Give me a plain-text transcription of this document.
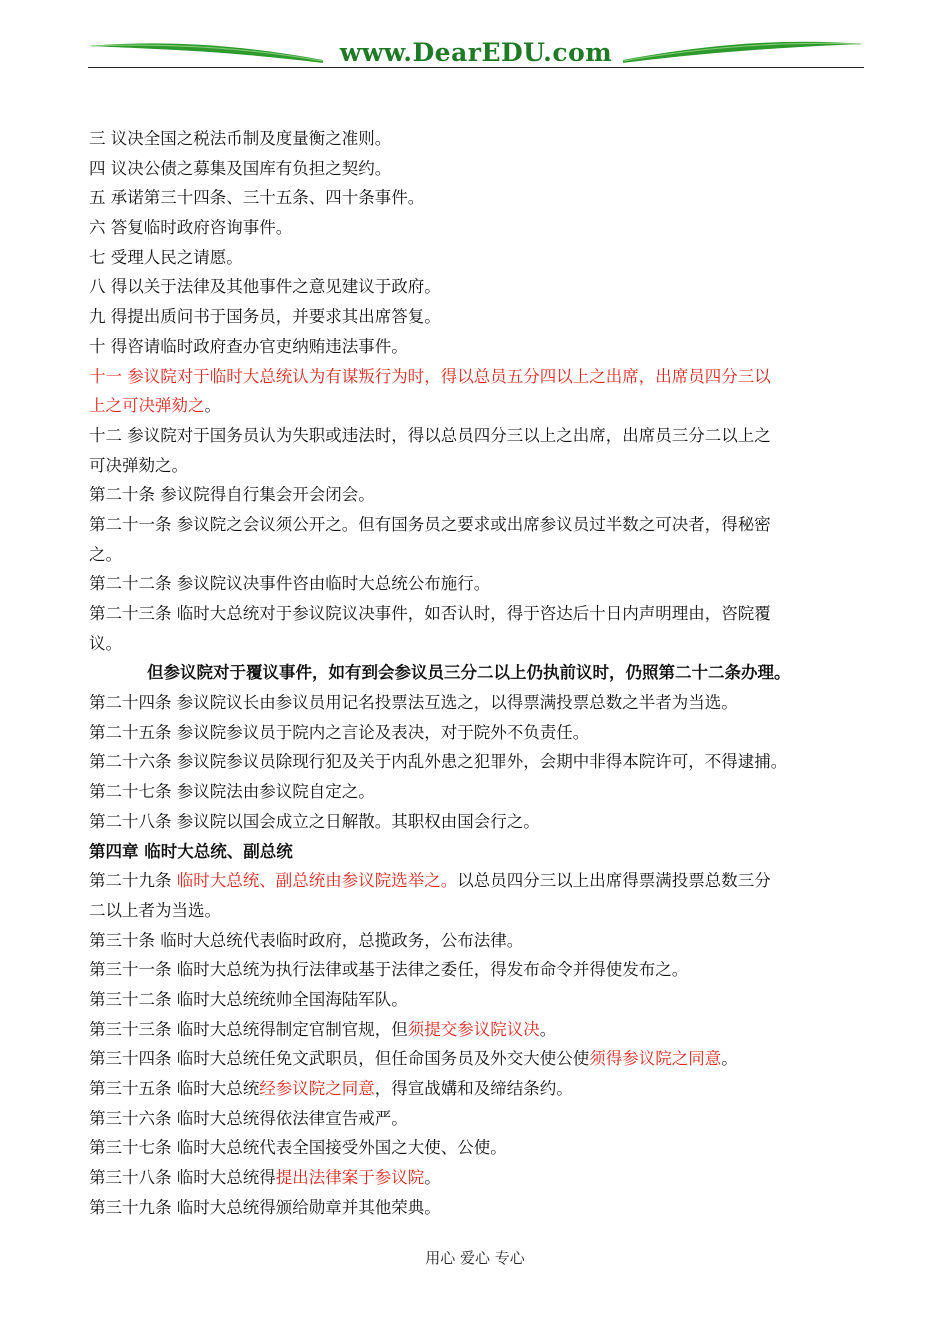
www.DearEDU.com
三 议决全国之税法币制及度量衡之准则。
四 议决公债之募集及国库有负担之契约。
五 承诺第三十四条、三十五条、四十条事件。
六 答复临时政府咨询事件。
七 受理人民之请愿。
八 得以关于法律及其他事件之意见建议于政府。
九 得提出质问书于国务员，并要求其出席答复。
十 得咨请临时政府查办官吏纳贿违法事件。
十一 参议院对于临时大总统认为有谋叛行为时，得以总员五分四以上之出席，出席员四分三以
上之可决弹劾之。
十二 参议院对于国务员认为失职或违法时，得以总员四分三以上之出席，出席员三分二以上之
可决弹劾之。
第二十条 参议院得自行集会开会闭会。
第二十一条 参议院之会议须公开之。但有国务员之要求或出席参议员过半数之可决者，得秘密
之。
第二十二条 参议院议决事件咨由临时大总统公布施行。
第二十三条 临时大总统对于参议院议决事件，如否认时，得于咨达后十日内声明理由，咨院覆
议。
但参议院对于覆议事件，如有到会参议员三分二以上仍执前议时，仍照第二十二条办理。
第二十四条 参议院议长由参议员用记名投票法互选之，以得票满投票总数之半者为当选。
第二十五条 参议院参议员于院内之言论及表决，对于院外不负责任。
第二十六条 参议院参议员除现行犯及关于内乱外患之犯罪外，会期中非得本院许可，不得逮捕。
第二十七条 参议院法由参议院自定之。
第二十八条 参议院以国会成立之日解散。其职权由国会行之。
第四章 临时大总统、副总统
第二十九条 临时大总统、副总统由参议院选举之。以总员四分三以上出席得票满投票总数三分
二以上者为当选。
第三十条 临时大总统代表临时政府，总揽政务，公布法律。
第三十一条 临时大总统为执行法律或基于法律之委任，得发布命令并得使发布之。
第三十二条 临时大总统统帅全国海陆军队。
第三十三条 临时大总统得制定官制官规，但须提交参议院议决。
第三十四条 临时大总统任免文武职员，但任命国务员及外交大使公使须得参议院之同意。
第三十五条 临时大总统经参议院之同意，得宣战媾和及缔结条约。
第三十六条 临时大总统得依法律宣告戒严。
第三十七条 临时大总统代表全国接受外国之大使、公使。
第三十八条 临时大总统得提出法律案于参议院。
第三十九条 临时大总统得颁给勋章并其他荣典。
用心 爱心 专心
